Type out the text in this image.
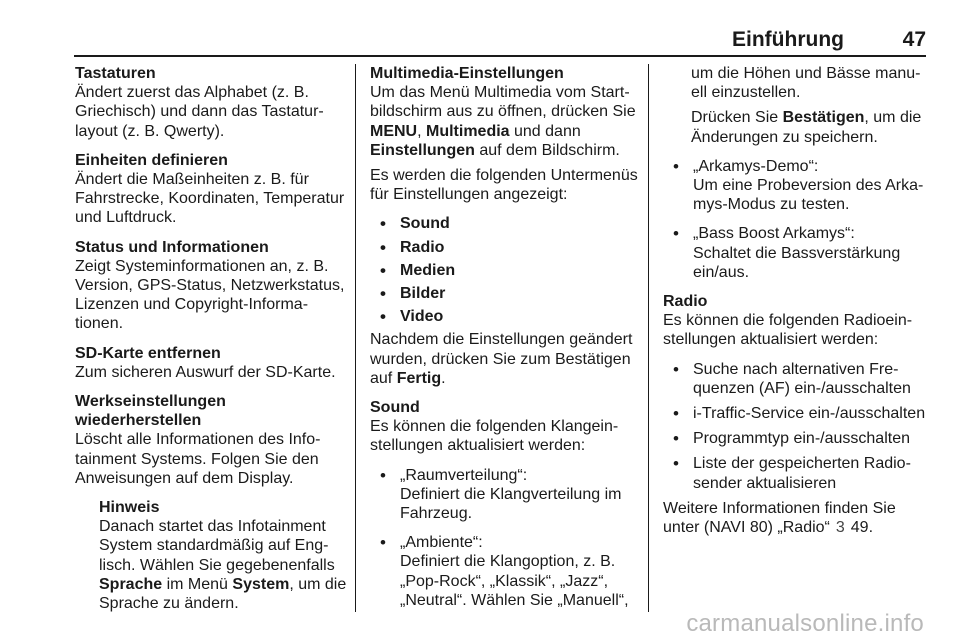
Einführung	47

Tastaturen

Ändert zuerst das Alphabet (z. B. Griechisch) und dann das Tastaturlayout (z. B. Qwerty).

Einheiten definieren

Ändert die Maßeinheiten z. B. für Fahrstrecke, Koordinaten, Temperatur und Luftdruck.

Status und Informationen

Zeigt Systeminformationen an, z. B. Version, GPS-Status, Netzwerkstatus, Lizenzen und Copyright-Informationen.

SD-Karte entfernen

Zum sicheren Auswurf der SD-Karte.

Werkseinstellungen wiederherstellen

Löscht alle Informationen des Infotainment Systems. Folgen Sie den Anweisungen auf dem Display.

Hinweis

Danach startet das Infotainment System standardmäßig auf Englisch. Wählen Sie gegebenenfalls Sprache im Menü System, um die Sprache zu ändern.

Multimedia-Einstellungen

Um das Menü Multimedia vom Startbildschirm aus zu öffnen, drücken Sie MENU, Multimedia und dann Einstellungen auf dem Bildschirm.

Es werden die folgenden Untermenüs für Einstellungen angezeigt:

• Sound
• Radio
• Medien
• Bilder
• Video

Nachdem die Einstellungen geändert wurden, drücken Sie zum Bestätigen auf Fertig.

Sound

Es können die folgenden Klangeinstellungen aktualisiert werden:

• „Raumverteilung“:

Definiert die Klangverteilung im Fahrzeug.

• „Ambiente“:

Definiert die Klangoption, z. B. „Pop-Rock“, „Klassik“, „Jazz“, „Neutral“. Wählen Sie „Manuell“,

um die Höhen und Bässe manuell einzustellen.

Drücken Sie Bestätigen, um die Änderungen zu speichern.

• „Arkamys-Demo“:

Um eine Probeversion des Arkamys-Modus zu testen.

• „Bass Boost Arkamys“:

Schaltet die Bassverstärkung ein/aus.

Radio

Es können die folgenden Radioeinstellungen aktualisiert werden:

• Suche nach alternativen Frequenzen (AF) ein-/ausschalten
• i-Traffic-Service ein-/ausschalten
• Programmtyp ein-/ausschalten
• Liste der gespeicherten Radiosender aktualisieren

Weitere Informationen finden Sie unter (NAVI 80) „Radio“ 3 49.

carmanualsonline.info
